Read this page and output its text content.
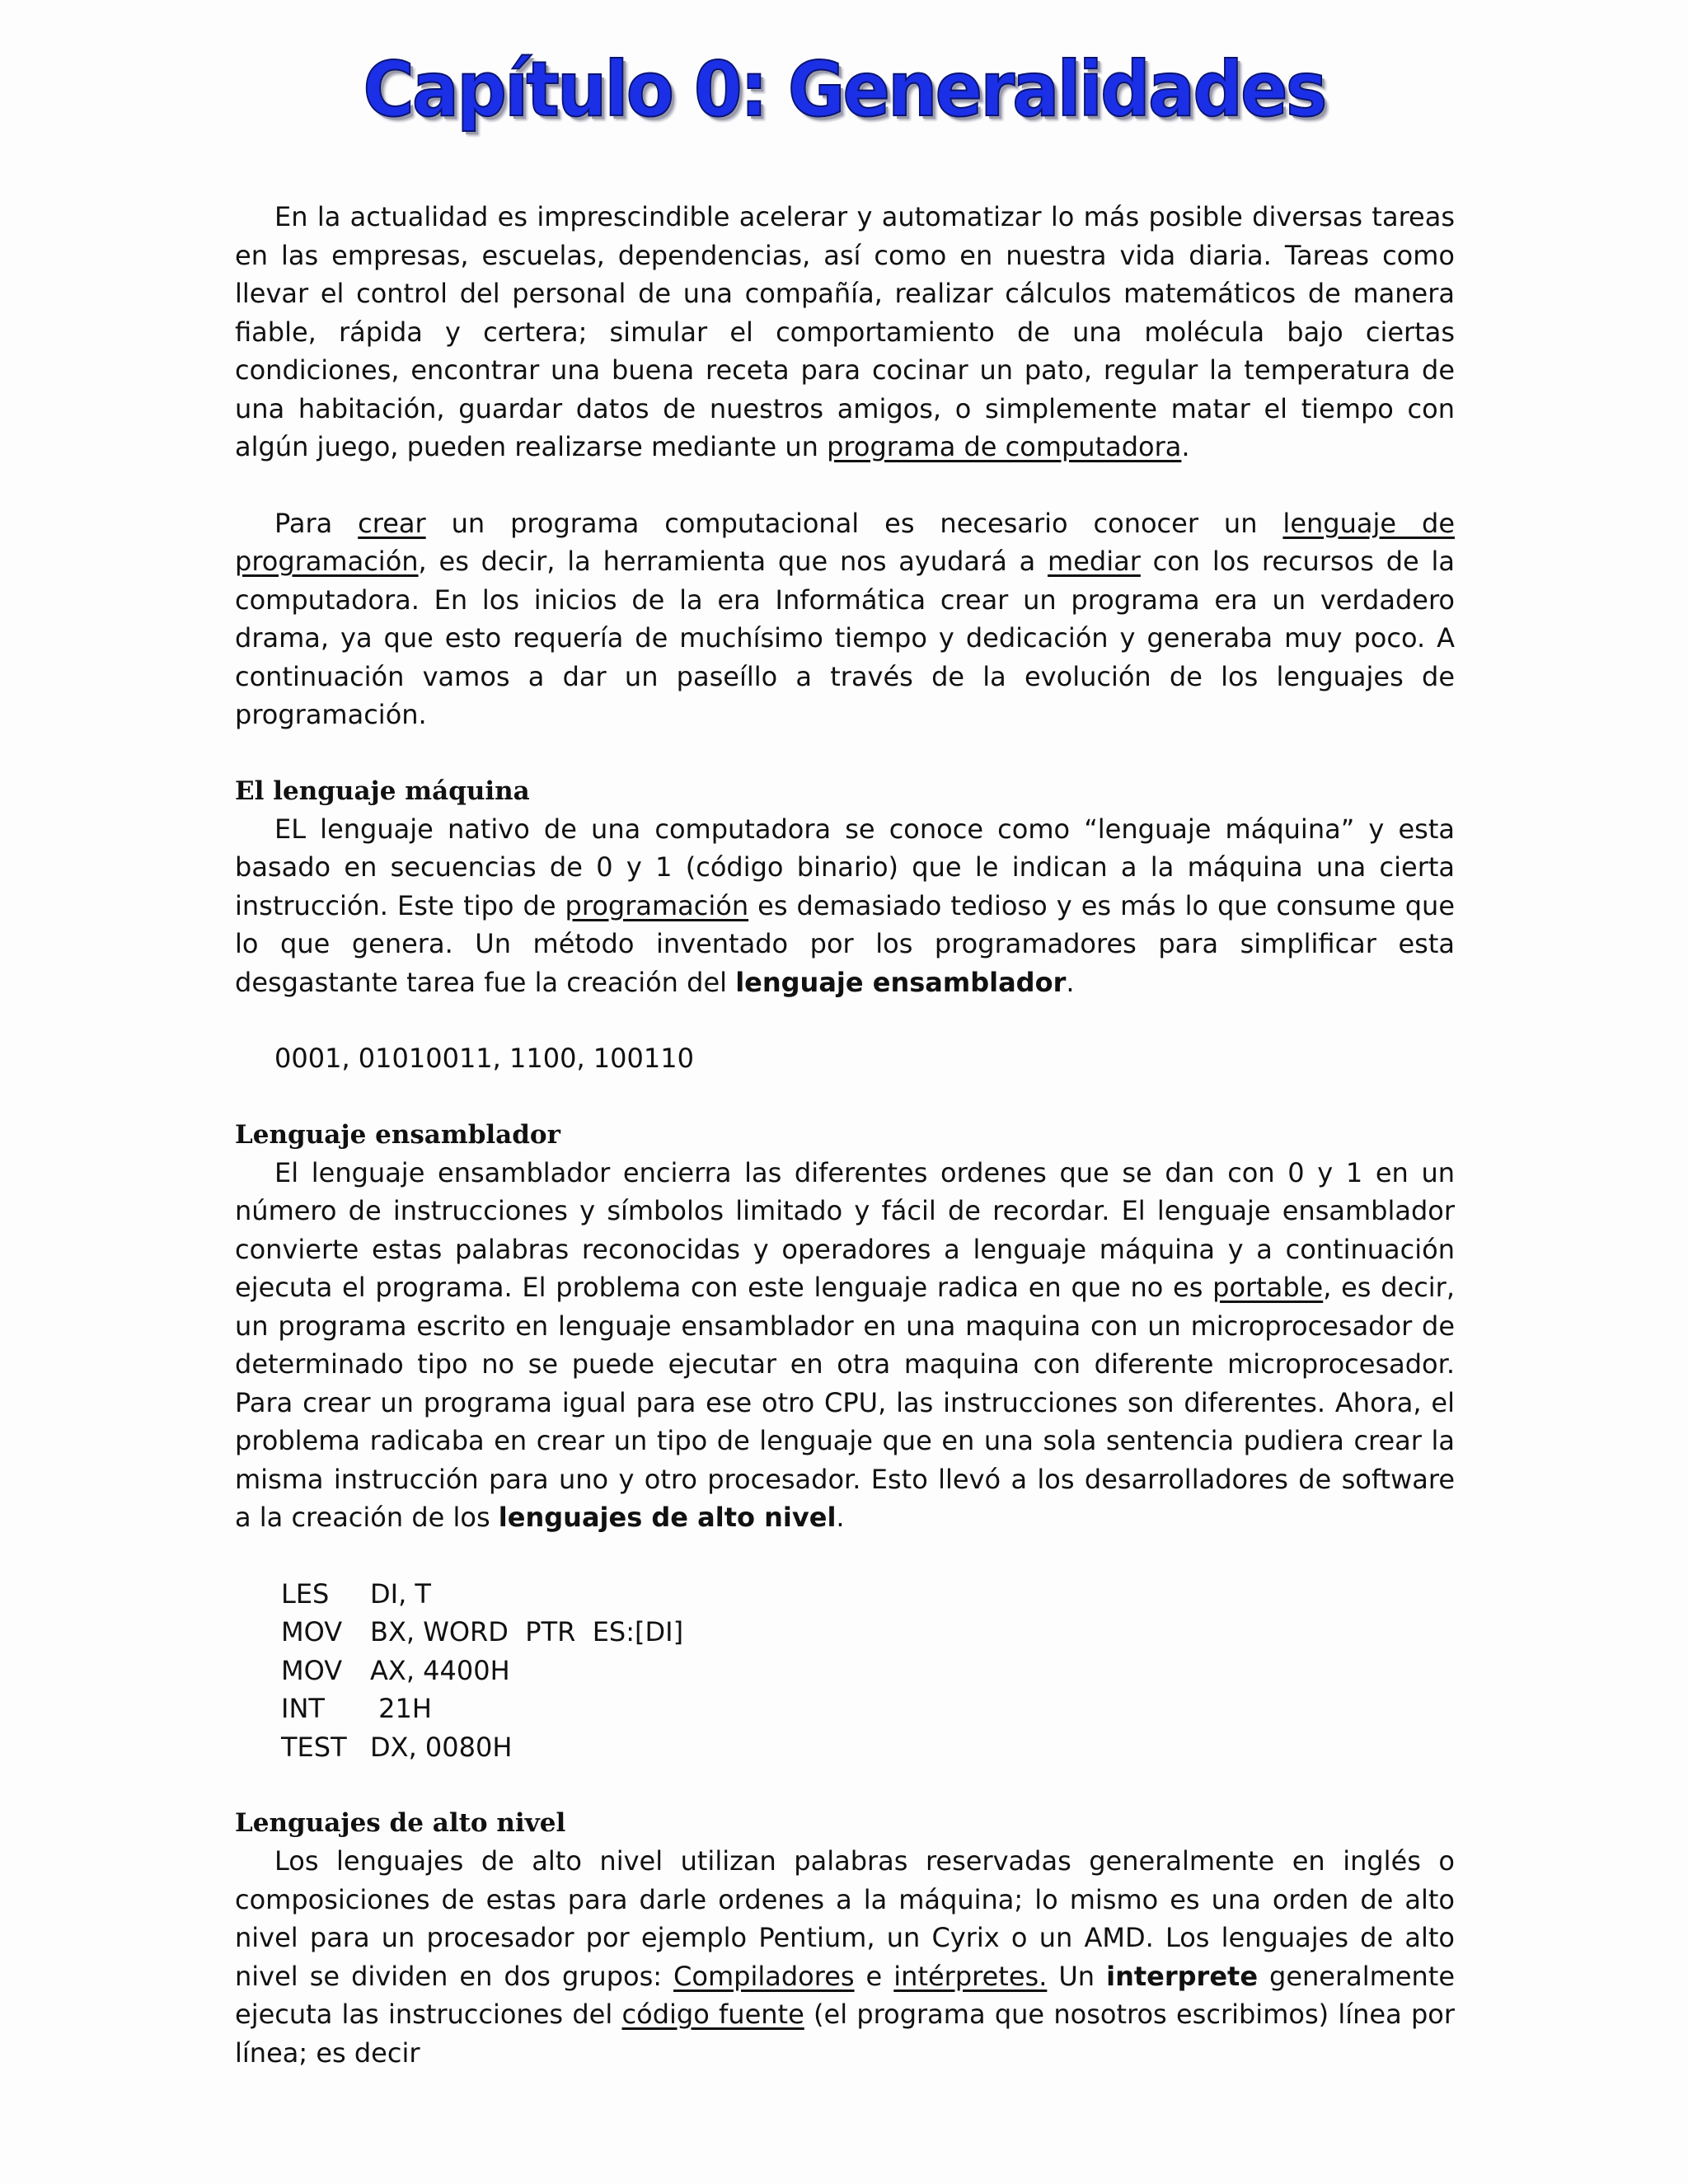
Capítulo 0: Generalidades

En la actualidad es imprescindible acelerar y automatizar lo más posible diversas tareas en las empresas, escuelas, dependencias, así como en nuestra vida diaria. Tareas como llevar el control del personal de una compañía, realizar cálculos matemáticos de manera fiable, rápida y certera; simular el comportamiento de una molécula bajo ciertas condiciones, encontrar una buena receta para cocinar un pato, regular la temperatura de una habitación, guardar datos de nuestros amigos, o simplemente matar el tiempo con algún juego, pueden realizarse mediante un programa de computadora.

Para crear un programa computacional es necesario conocer un lenguaje de programación, es decir, la herramienta que nos ayudará a mediar con los recursos de la computadora. En los inicios de la era Informática crear un programa era un verdadero drama, ya que esto requería de muchísimo tiempo y dedicación y generaba muy poco. A continuación vamos a dar un paseíllo a través de la evolución de los lenguajes de programación.

El lenguaje máquina

EL lenguaje nativo de una computadora se conoce como “lenguaje máquina” y esta basado en secuencias de 0 y 1 (código binario) que le indican a la máquina una cierta instrucción. Este tipo de programación es demasiado tedioso y es más lo que consume que lo que genera. Un método inventado por los programadores para simplificar esta desgastante tarea fue la creación del lenguaje ensamblador.

0001, 01010011, 1100, 100110

Lenguaje ensamblador

El lenguaje ensamblador encierra las diferentes ordenes que se dan con 0 y 1 en un número de instrucciones y símbolos limitado y fácil de recordar. El lenguaje ensamblador convierte estas palabras reconocidas y operadores a lenguaje máquina y a continuación ejecuta el programa. El problema con este lenguaje radica en que no es portable, es decir, un programa escrito en lenguaje ensamblador en una maquina con un microprocesador de determinado tipo no se puede ejecutar en otra maquina con diferente microprocesador. Para crear un programa igual para ese otro CPU, las instrucciones son diferentes. Ahora, el problema radicaba en crear un tipo de lenguaje que en una sola sentencia pudiera crear la misma instrucción para uno y otro procesador. Esto llevó a los desarrolladores de software a la creación de los lenguajes de alto nivel.

LES	DI, T
MOV	BX, WORD  PTR  ES:[DI]
MOV	AX, 4400H
INT	21H
TEST DX, 0080H
Lenguajes de alto nivel

Los lenguajes de alto nivel utilizan palabras reservadas generalmente en inglés o composiciones de estas para darle ordenes a la máquina; lo mismo es una orden de alto nivel para un procesador por ejemplo Pentium, un Cyrix o un AMD. Los lenguajes de alto nivel se dividen en dos grupos: Compiladores e intérpretes. Un interprete generalmente ejecuta las instrucciones del código fuente (el programa que nosotros escribimos) línea por línea; es decir
